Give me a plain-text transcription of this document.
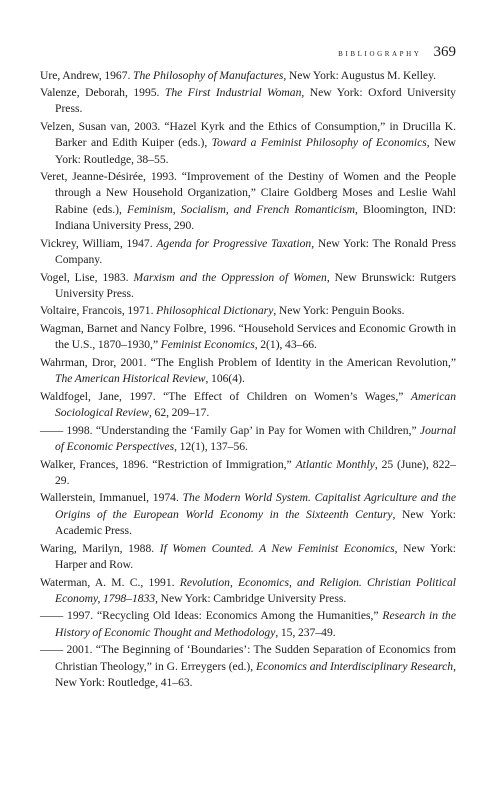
bibliography 369

Ure, Andrew, 1967. The Philosophy of Manufactures, New York: Augustus M. Kelley.

Valenze, Deborah, 1995. The First Industrial Woman, New York: Oxford University Press.

Velzen, Susan van, 2003. “Hazel Kyrk and the Ethics of Consumption,” in Drucilla K. Barker and Edith Kuiper (eds.), Toward a Feminist Philosophy of Economics, New York: Routledge, 38–55.

Veret, Jeanne-Désirée, 1993. “Improvement of the Destiny of Women and the People through a New Household Organization,” Claire Goldberg Moses and Leslie Wahl Rabine (eds.), Feminism, Socialism, and French Romanticism, Bloomington, IND: Indiana University Press, 290.

Vickrey, William, 1947. Agenda for Progressive Taxation, New York: The Ronald Press Company.

Vogel, Lise, 1983. Marxism and the Oppression of Women, New Brunswick: Rutgers University Press.

Voltaire, Francois, 1971. Philosophical Dictionary, New York: Penguin Books.

Wagman, Barnet and Nancy Folbre, 1996. “Household Services and Economic Growth in the U.S., 1870–1930,” Feminist Economics, 2(1), 43–66.

Wahrman, Dror, 2001. “The English Problem of Identity in the American Revolution,” The American Historical Review, 106(4).

Waldfogel, Jane, 1997. “The Effect of Children on Women’s Wages,” American Sociological Review, 62, 209–17.

—— 1998. “Understanding the ‘Family Gap’ in Pay for Women with Children,” Journal of Economic Perspectives, 12(1), 137–56.

Walker, Frances, 1896. “Restriction of Immigration,” Atlantic Monthly, 25 (June), 822–29.

Wallerstein, Immanuel, 1974. The Modern World System. Capitalist Agriculture and the Origins of the European World Economy in the Sixteenth Century, New York: Academic Press.

Waring, Marilyn, 1988. If Women Counted. A New Feminist Economics, New York: Harper and Row.

Waterman, A. M. C., 1991. Revolution, Economics, and Religion. Christian Political Economy, 1798–1833, New York: Cambridge University Press.

—— 1997. “Recycling Old Ideas: Economics Among the Humanities,” Research in the History of Economic Thought and Methodology, 15, 237–49.

—— 2001. “The Beginning of ‘Boundaries’: The Sudden Separation of Economics from Christian Theology,” in G. Erreygers (ed.), Economics and Interdisciplinary Research, New York: Routledge, 41–63.
